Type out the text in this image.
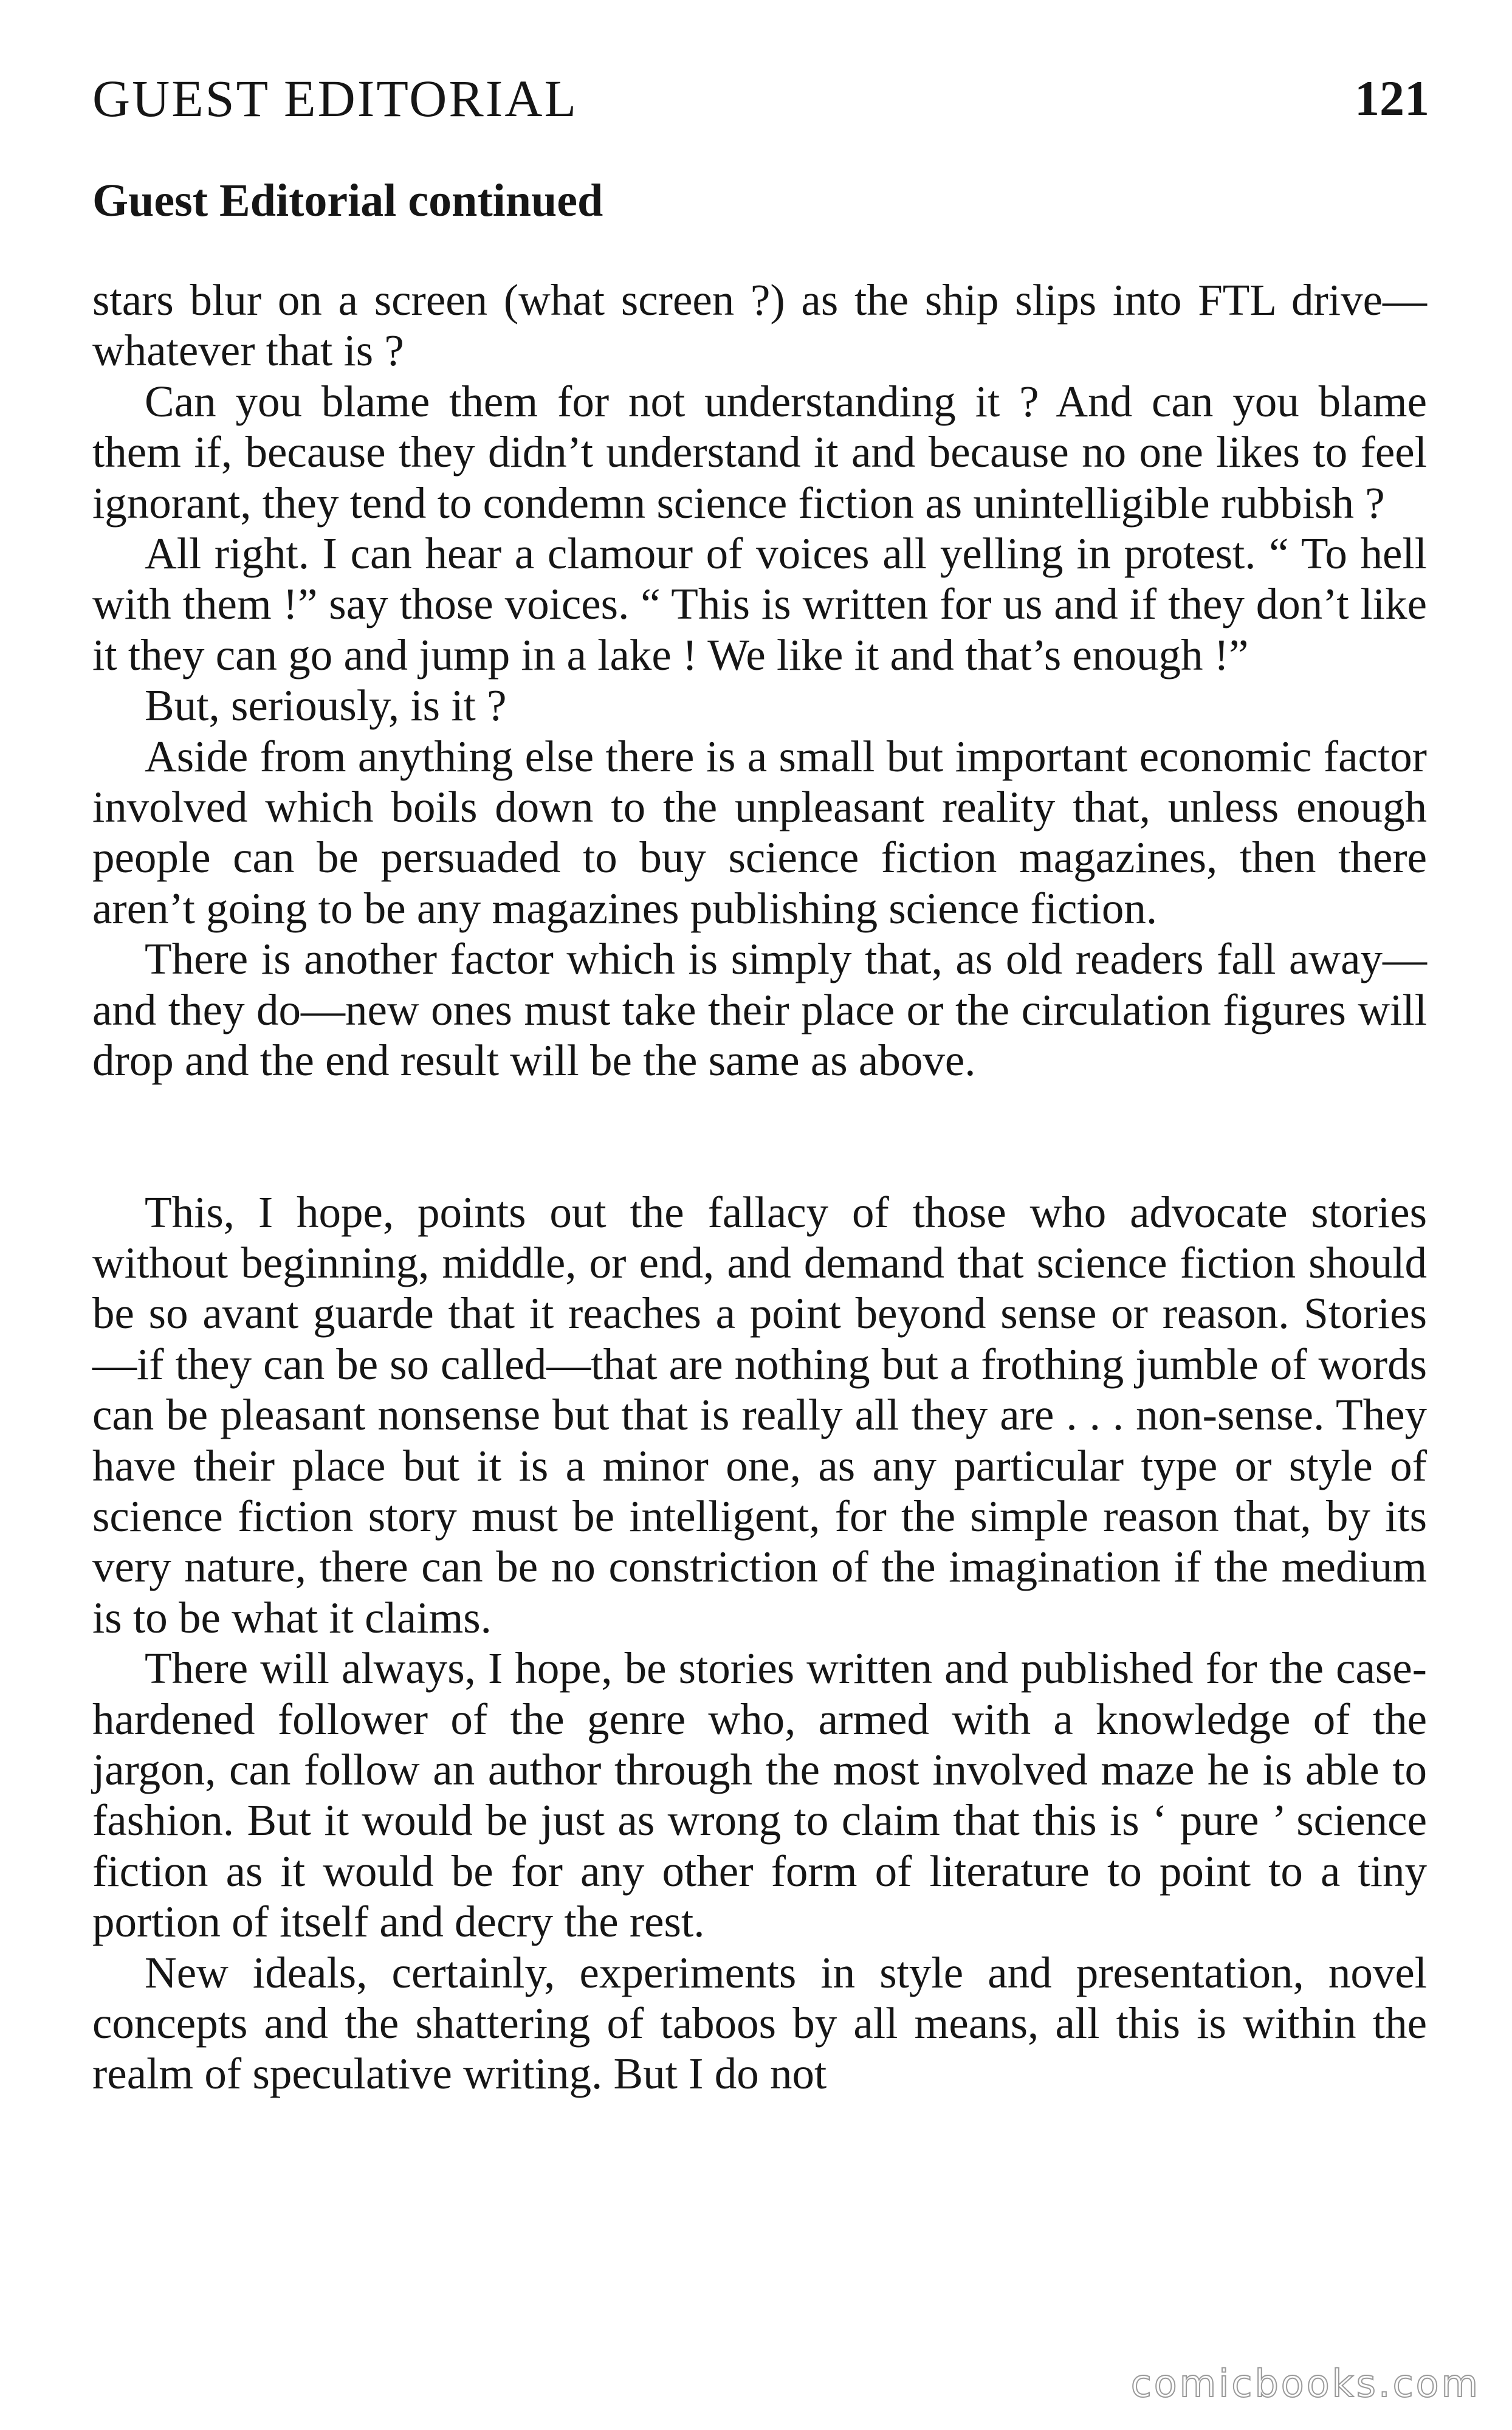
GUEST EDITORIAL	121
Guest Editorial continued

stars blur on a screen (what screen ?) as the ship slips into FTL drive—whatever that is ?

Can you blame them for not understanding it ? And can you blame them if, because they didn’t understand it and because no one likes to feel ignorant, they tend to condemn science fiction as unintelligible rubbish ?

All right. I can hear a clamour of voices all yelling in protest. “ To hell with them !” say those voices. “ This is written for us and if they don’t like it they can go and jump in a lake ! We like it and that’s enough !”

But, seriously, is it ?

Aside from anything else there is a small but important economic factor involved which boils down to the unpleasant reality that, unless enough people can be persuaded to buy science fiction magazines, then there aren’t going to be any magazines publishing science fiction.

There is another factor which is simply that, as old readers fall away—and they do—new ones must take their place or the circulation figures will drop and the end result will be the same as above.

This, I hope, points out the fallacy of those who advocate stories without beginning, middle, or end, and demand that science fiction should be so avant guarde that it reaches a point beyond sense or reason. Stories—if they can be so called—that are nothing but a frothing jumble of words can be pleasant nonsense but that is really all they are . . . non-sense. They have their place but it is a minor one, as any particular type or style of science fiction story must be intelligent, for the simple reason that, by its very nature, there can be no constriction of the imagination if the medium is to be what it claims.

There will always, I hope, be stories written and published for the case-hardened follower of the genre who, armed with a knowledge of the jargon, can follow an author through the most involved maze he is able to fashion. But it would be just as wrong to claim that this is ‘ pure ’ science fiction as it would be for any other form of literature to point to a tiny portion of itself and decry the rest.

New ideals, certainly, experiments in style and presentation, novel concepts and the shattering of taboos by all means, all this is within the realm of speculative writing. But I do not

comicbooks.com
